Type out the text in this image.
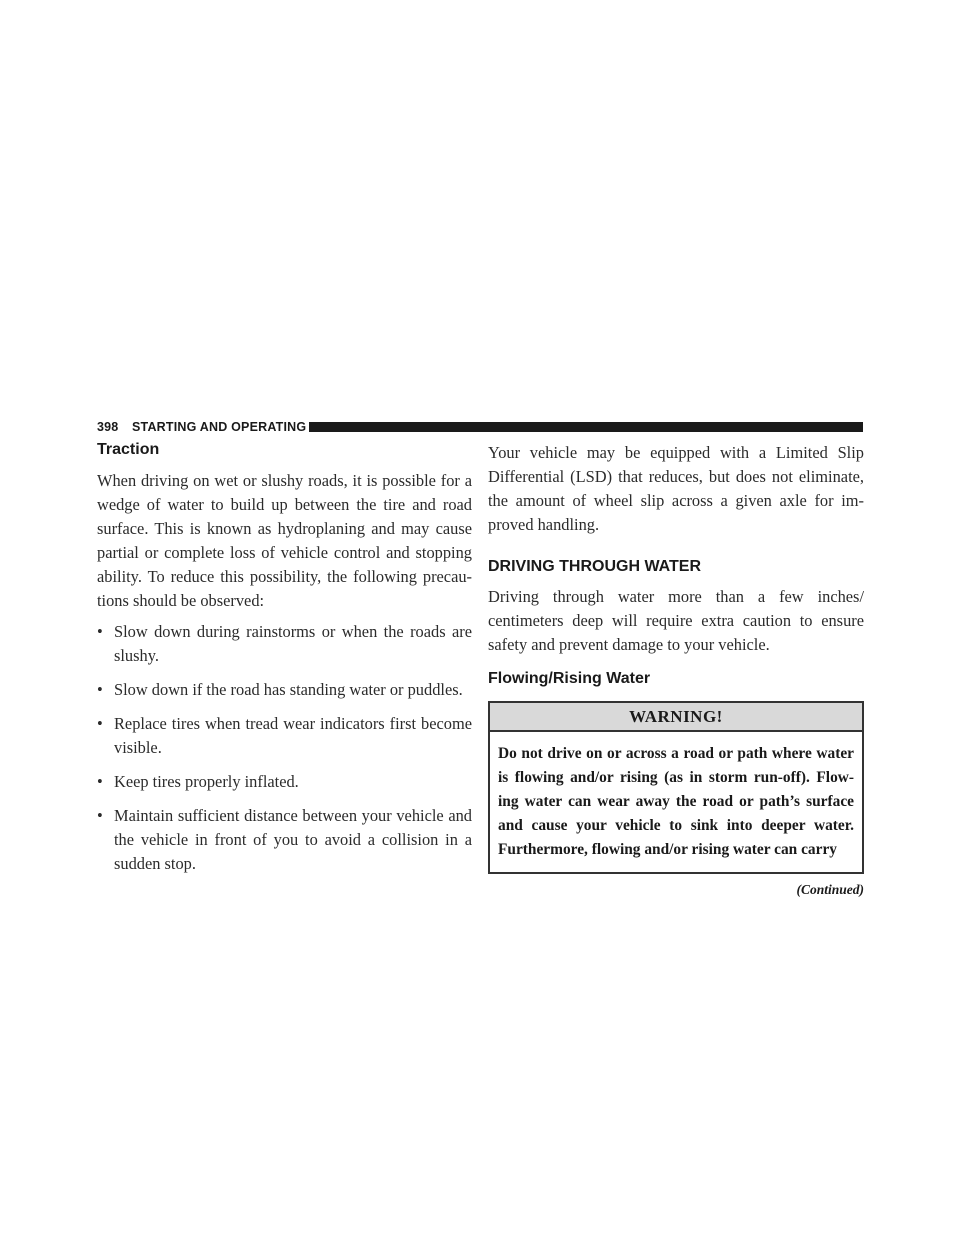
398 STARTING AND OPERATING
Traction

When driving on wet or slushy roads, it is possible for a wedge of water to build up between the tire and road surface. This is known as hydroplaning and may cause partial or complete loss of vehicle control and stopping ability. To reduce this possibility, the following precau- tions should be observed:

• Slow down during rainstorms or when the roads are slushy.
• Slow down if the road has standing water or puddles.
• Replace tires when tread wear indicators first become visible.
• Keep tires properly inflated.
• Maintain sufficient distance between your vehicle and the vehicle in front of you to avoid a collision in a sudden stop.

Your vehicle may be equipped with a Limited Slip Differential (LSD) that reduces, but does not eliminate, the amount of wheel slip across a given axle for im- proved handling.

DRIVING THROUGH WATER

Driving through water more than a few inches/ centimeters deep will require extra caution to ensure safety and prevent damage to your vehicle.

Flowing/Rising Water
WARNING!
Do not drive on or across a road or path where water is flowing and/or rising (as in storm run-off). Flow- ing water can wear away the road or path’s surface and cause your vehicle to sink into deeper water. Furthermore, flowing and/or rising water can carry
(Continued)
